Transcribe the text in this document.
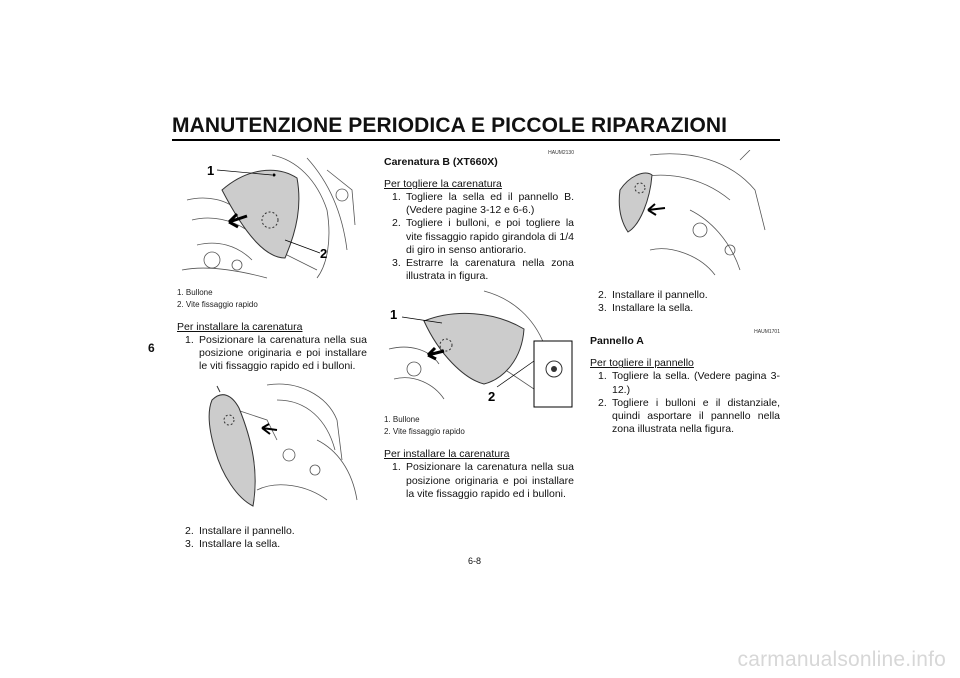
MANUTENZIONE PERIODICA E PICCOLE RIPARAZIONI
6
1
2
1. Bullone
2. Vite fissaggio rapido
Per installare la carenatura
1. Posizionare la carenatura nella sua posizione originaria e poi installare le viti fissaggio rapido ed i bulloni.
2. Installare il pannello.
3. Installare la sella.
HAUM2130
Carenatura B (XT660X)
Per togliere la carenatura
1. Togliere la sella ed il pannello B. (Vedere pagine 3-12 e 6-6.)
2. Togliere i bulloni, e poi togliere la vite fissaggio rapido girandola di 1/4 di giro in senso antiorario.
3. Estrarre la carenatura nella zona illustrata in figura.
1
2
1. Bullone
2. Vite fissaggio rapido
Per installare la carenatura
1. Posizionare la carenatura nella sua posizione originaria e poi installare la vite fissaggio rapido ed i bulloni.
2. Installare il pannello.
3. Installare la sella.
HAUM1701
Pannello A
Per togliere il pannello
1. Togliere la sella. (Vedere pagina 3-12.)
2. Togliere i bulloni e il distanziale, quindi asportare il pannello nella zona illustrata nella figura.
6-8
carmanualsonline.info
